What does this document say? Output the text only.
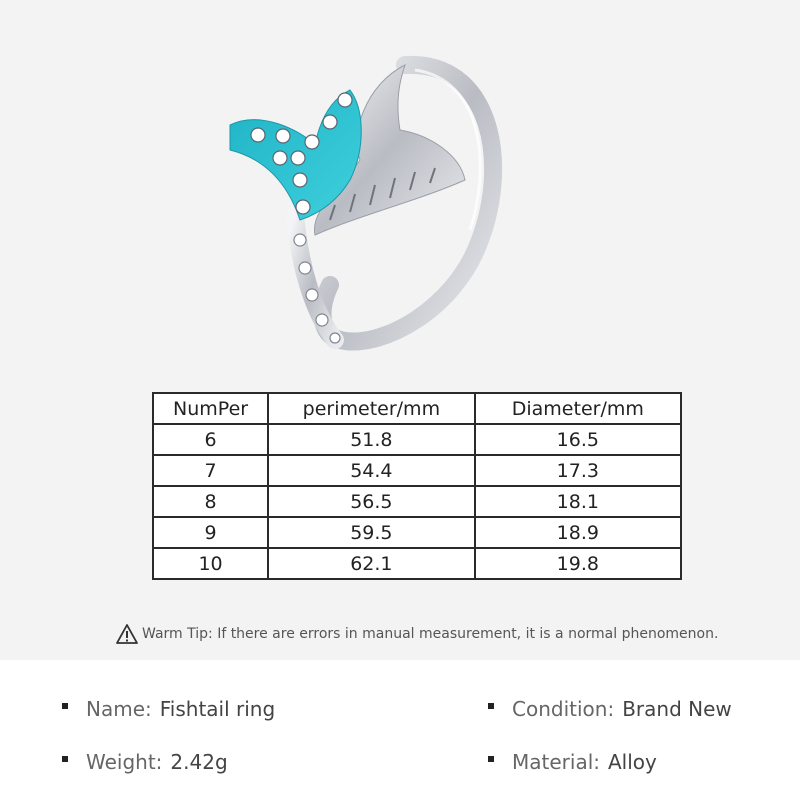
NumPer	perimeter/mm	Diameter/mm
6	51.8	16.5
7	54.4	17.3
8	56.5	18.1
9	59.5	18.9
10	62.1	19.8
Warm Tip: If there are errors in manual measurement, it is a normal phenomenon.
Name: Fishtail ring
Weight: 2.42g
Condition: Brand New
Material: Alloy
